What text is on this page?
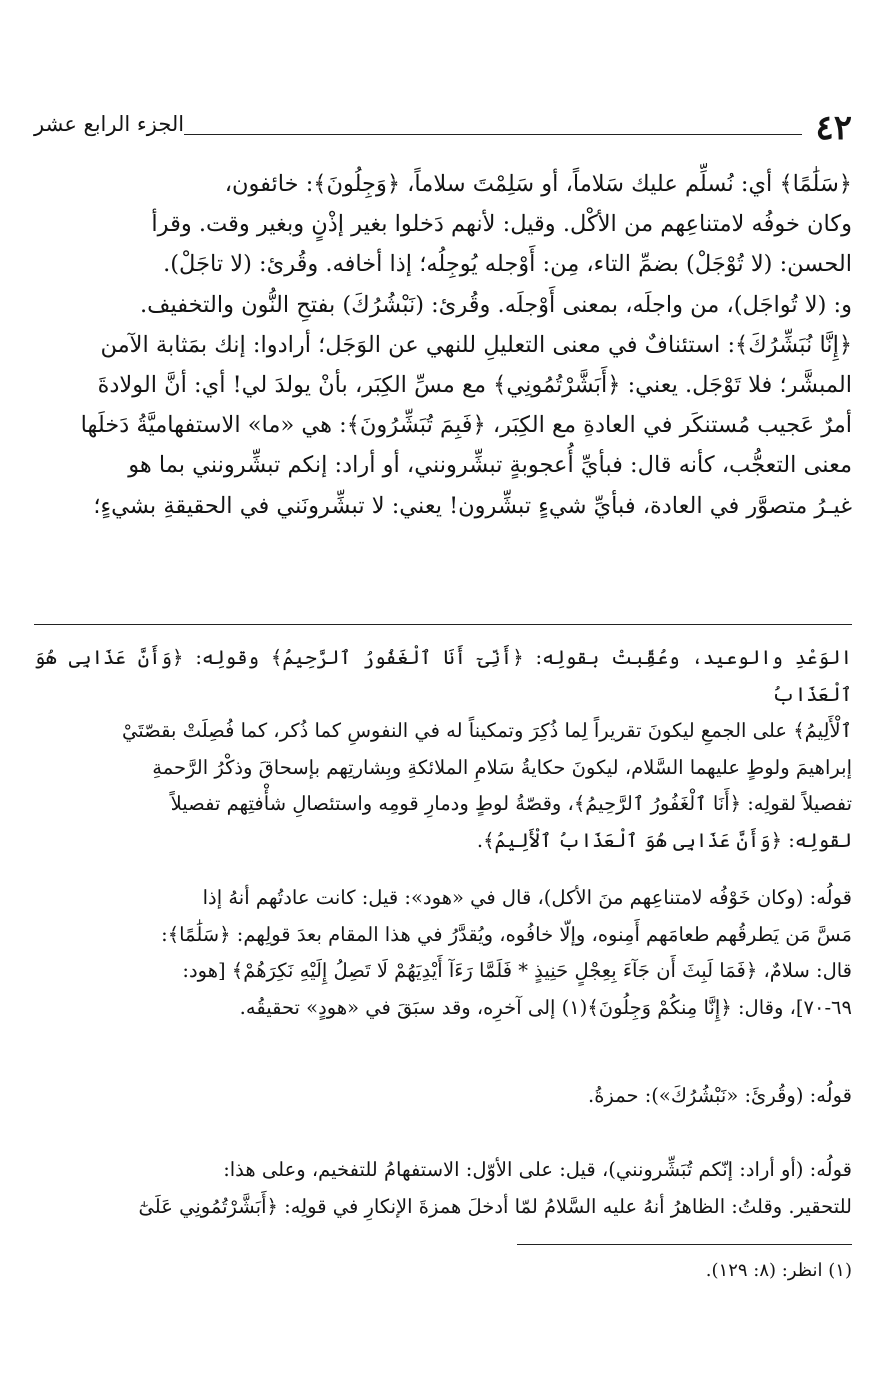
٤٢
الجزء الرابع عشر

﴿سَلَٰمًا﴾ أي: نُسلِّم عليك سَلاماً، أو سَلِمْتَ سلاماً، ﴿وَجِلُونَ﴾: خائفون،

وكان خوفُه لامتناعِهم من الأكْل. وقيل: لأنهم دَخلوا بغير إذْنٍ وبغير وقت. وقرأ

الحسن: (لا تُوْجَلْ) بضمِّ التاء، مِن: أَوْجله يُوجِلُه؛ إذا أخافه. وقُرئ: (لا تاجَلْ).

و: (لا تُواجَل)، من واجلَه، بمعنى أَوْجلَه. وقُرئ: (نَبْشُرُكَ) بفتحِ النُّون والتخفيف.

﴿إِنَّا نُبَشِّرُكَ﴾: استئنافٌ في معنى التعليلِ للنهي عن الوَجَل؛ أرادوا: إنك بمَثابة الآمن

المبشَّر؛ فلا تَوْجَل. يعني: ﴿أَبَشَّرْتُمُونِي﴾ مع مسِّ الكِبَر، بأنْ يولدَ لي! أي: أنَّ الولادةَ

أمرٌ عَجيب مُستنكَر في العادةِ مع الكِبَر، ﴿فَبِمَ تُبَشِّرُونَ﴾: هي «ما» الاستفهاميَّةُ دَخلَها

معنى التعجُّب، كأنه قال: فبأيِّ أُعجوبةٍ تبشِّرونني، أو أراد: إنكم تبشِّرونني بما هو

غيـرُ متصوَّر في العادة، فبأيِّ شيءٍ تبشِّرون! يعني: لا تبشِّرونَني في الحقيقةِ بشيءٍ؛

الوَعْدِ والوعيد، وعُقِّبتْ بقولِه: ﴿أَنِّىٓ أَنَا ٱلْغَفُورُ ٱلرَّحِيمُ﴾ وقولِه: ﴿وَأَنَّ عَذَابِى هُوَ ٱلْعَذَابُ

ٱلْأَلِيمُ﴾ على الجمعِ ليكونَ تقريراً لِما ذُكِرَ وتمكيناً له في النفوسِ كما ذُكر، كما فُصِلَتْ بقصّتَيْ

إبراهيمَ ولوطٍ عليهما السَّلام، ليكونَ حكايةُ سَلامِ الملائكةِ وبِشارتِهم بإسحاقَ وذكْرُ الرَّحمةِ

تفصيلاً لقولِه: ﴿أَنَا ٱلْغَفُورُ ٱلرَّحِيمُ﴾، وقصّةُ لوطٍ ودمارِ قومِه واستئصالِ شأْفتِهم تفصيلاً

لقولِه: ﴿وَأَنَّ عَذَابِى هُوَ ٱلْعَذَابُ ٱلْأَلِيمُ﴾.

قولُه: (وكان خَوْفُه لامتناعِهم منَ الأكل)، قال في «هود»: قيل: كانت عادتُهم أنهُ إذا

مَسَّ مَن يَطرقُهم طعامَهم أَمِنوه، وإلّا خافُوه، ويُقدَّرُ في هذا المقام بعدَ قولِهم: ﴿سَلَٰمًا﴾:

قال: سلامٌ، ﴿فَمَا لَبِثَ أَن جَآءَ بِعِجْلٍ حَنِيذٍ * فَلَمَّا رَءَآ أَيْدِيَهُمْ لَا تَصِلُ إِلَيْهِ نَكِرَهُمْ﴾ [هود:

٦٩-٧٠]، وقال: ﴿إِنَّا مِنكُمْ وَجِلُونَ﴾(١) إلى آخرِه، وقد سبَقَ في «هودٍ» تحقيقُه.

قولُه: (وقُرئَ: «نَبْشُرُكَ»): حمزةُ.

قولُه: (أو أراد: إنّكم تُبَشِّرونني)، قيل: على الأوّل: الاستفهامُ للتفخيم، وعلى هذا:

للتحقير. وقلتُ: الظاهرُ أنهُ عليه السَّلامُ لمّا أدخلَ همزةَ الإنكارِ في قولِه: ﴿أَبَشَّرْتُمُونِي عَلَىٰٓ

(١) انظر: (٨: ١٢٩).
